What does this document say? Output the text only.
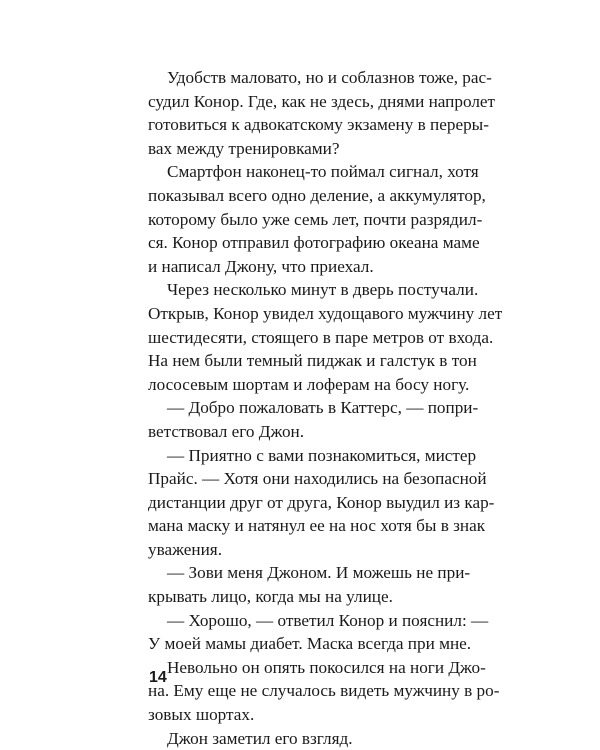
Удобств маловато, но и соблазнов тоже, рас-
судил Конор. Где, как не здесь, днями напролет
готовиться к адвокатскому экзамену в переры-
вах между тренировками?
Смартфон наконец-то поймал сигнал, хотя
показывал всего одно деление, а аккумулятор,
которому было уже семь лет, почти разрядил-
ся. Конор отправил фотографию океана маме
и написал Джону, что приехал.
Через несколько минут в дверь постучали.
Открыв, Конор увидел худощавого мужчину лет
шестидесяти, стоящего в паре метров от входа.
На нем были темный пиджак и галстук в тон
лососевым шортам и лоферам на босу ногу.
— Добро пожаловать в Каттерс, — попри-
ветствовал его Джон.
— Приятно с вами познакомиться, мистер
Прайс. — Хотя они находились на безопасной
дистанции друг от друга, Конор выудил из кар-
мана маску и натянул ее на нос хотя бы в знак
уважения.
— Зови меня Джоном. И можешь не при-
крывать лицо, когда мы на улице.
— Хорошо, — ответил Конор и пояснил: —
У моей мамы диабет. Маска всегда при мне.
Невольно он опять покосился на ноги Джо-
на. Ему еще не случалось видеть мужчину в ро-
зовых шортах.
Джон заметил его взгляд.
14
